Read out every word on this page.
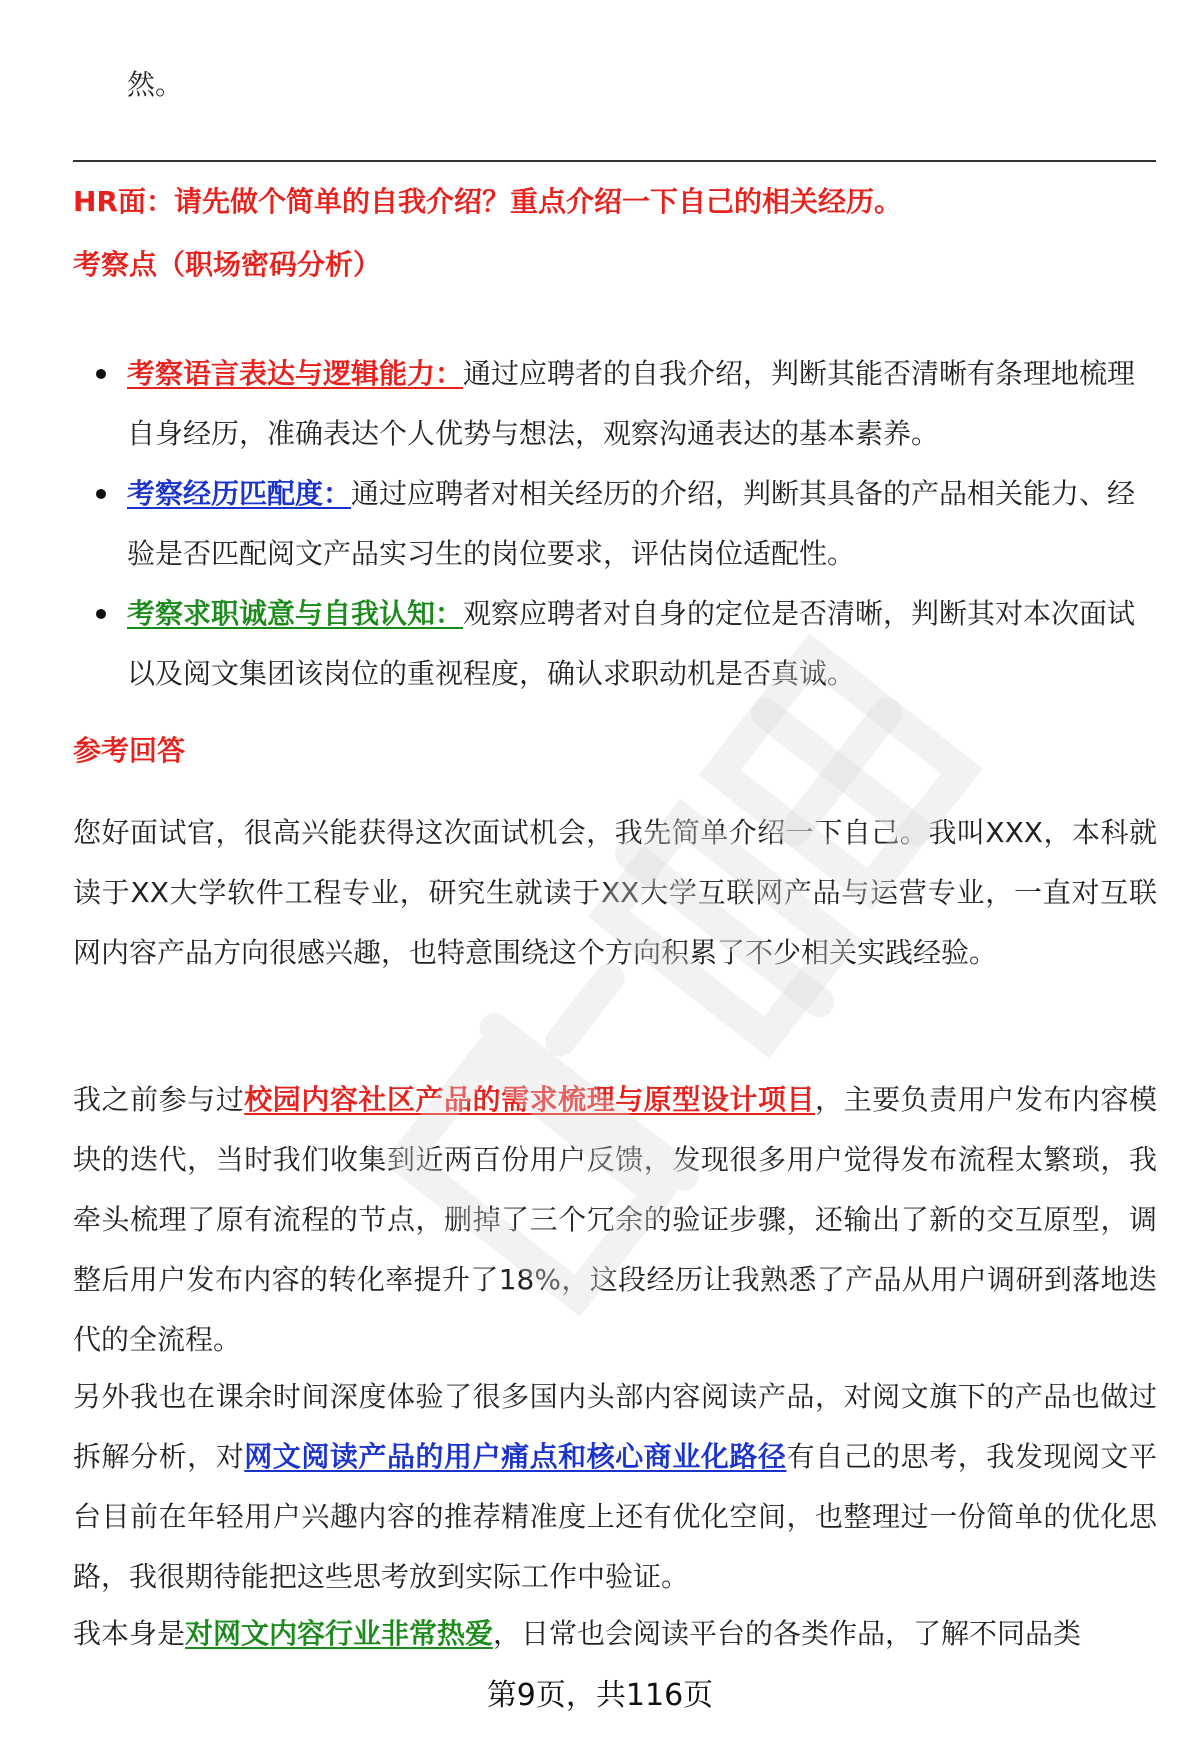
然。

HR面：请先做个简单的自我介绍？重点介绍一下自己的相关经历。
考察点（职场密码分析）
考察语言表达与逻辑能力：通过应聘者的自我介绍，判断其能否清晰有条理地梳理自身经历，准确表达个人优势与想法，观察沟通表达的基本素养。
考察经历匹配度：通过应聘者对相关经历的介绍，判断其具备的产品相关能力、经验是否匹配阅文产品实习生的岗位要求，评估岗位适配性。
考察求职诚意与自我认知：观察应聘者对自身的定位是否清晰，判断其对本次面试以及阅文集团该岗位的重视程度，确认求职动机是否真诚。
参考回答

您好面试官，很高兴能获得这次面试机会，我先简单介绍一下自己。我叫XXX，本科就读于XX大学软件工程专业，研究生就读于XX大学互联网产品与运营专业，一直对互联网内容产品方向很感兴趣，也特意围绕这个方向积累了不少相关实践经验。

我之前参与过校园内容社区产品的需求梳理与原型设计项目，主要负责用户发布内容模块的迭代，当时我们收集到近两百份用户反馈，发现很多用户觉得发布流程太繁琐，我牵头梳理了原有流程的节点，删掉了三个冗余的验证步骤，还输出了新的交互原型，调整后用户发布内容的转化率提升了18%，这段经历让我熟悉了产品从用户调研到落地迭代的全流程。

另外我也在课余时间深度体验了很多国内头部内容阅读产品，对阅文旗下的产品也做过拆解分析，对网文阅读产品的用户痛点和核心商业化路径有自己的思考，我发现阅文平台目前在年轻用户兴趣内容的推荐精准度上还有优化空间，也整理过一份简单的优化思路，我很期待能把这些思考放到实际工作中验证。

我本身是对网文内容行业非常热爱，日常也会阅读平台的各类作品，了解不同品类

第9页，共116页
